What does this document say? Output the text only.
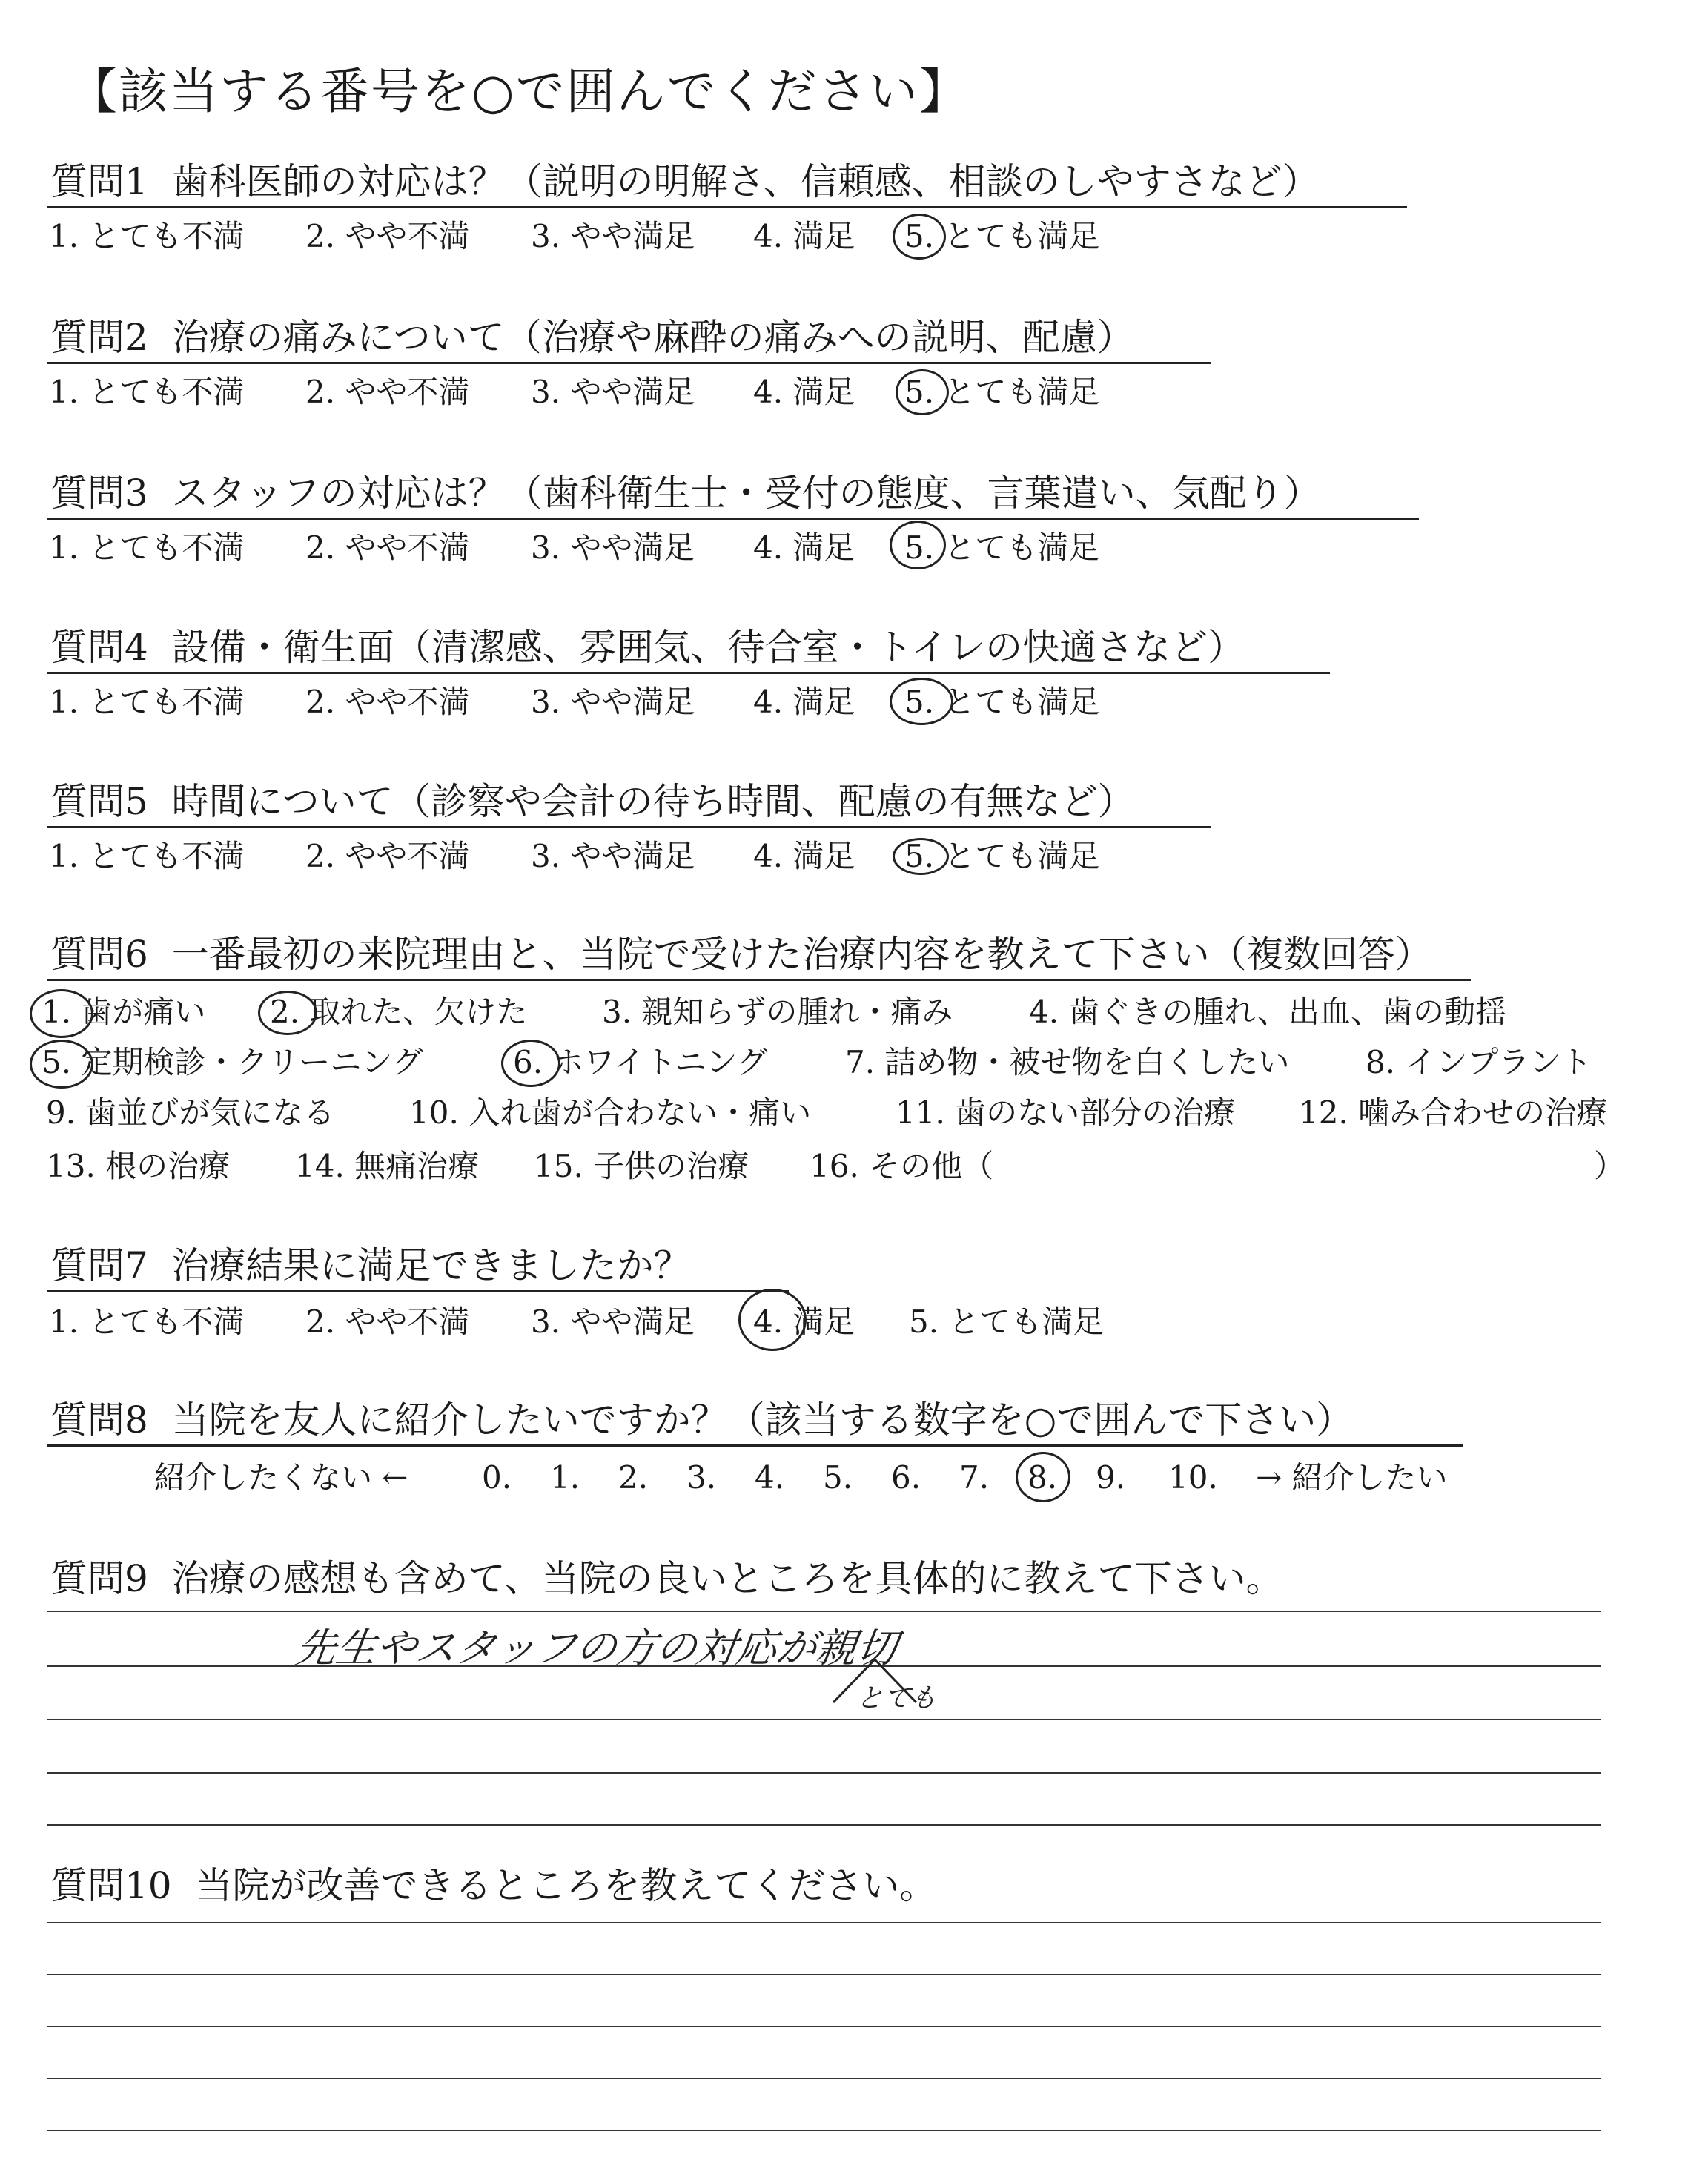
【該当する番号を○で囲んでください】
質問1 歯科医師の対応は？（説明の明解さ、信頼感、相談のしやすさなど）
1. とても不満 2. やや不満 3. やや満足 4. 満足 5. とても満足
質問2 治療の痛みについて（治療や麻酔の痛みへの説明、配慮）
1. とても不満 2. やや不満 3. やや満足 4. 満足 5. とても満足
質問3 スタッフの対応は？（歯科衛生士・受付の態度、言葉遣い、気配り）
1. とても不満 2. やや不満 3. やや満足 4. 満足 5. とても満足
質問4 設備・衛生面（清潔感、雰囲気、待合室・トイレの快適さなど）
1. とても不満 2. やや不満 3. やや満足 4. 満足 5. とても満足
質問5 時間について（診察や会計の待ち時間、配慮の有無など）
1. とても不満 2. やや不満 3. やや満足 4. 満足 5. とても満足
質問6 一番最初の来院理由と、当院で受けた治療内容を教えて下さい（複数回答）
1. 歯が痛い 2. 取れた、欠けた 3. 親知らずの腫れ・痛み 4. 歯ぐきの腫れ、出血、歯の動揺
5. 定期検診・クリーニング	6. ホワイトニング 7. 詰め物・被せ物を白くしたい 8. インプラント
9. 歯並びが気になる 10. 入れ歯が合わない・痛い	11. 歯のない部分の治療 12. 噛み合わせの治療
13. 根の治療 14. 無痛治療 15. 子供の治療 16. その他（	）
質問7 治療結果に満足できましたか？
1. とても不満 2. やや不満 3. やや満足 4. 満足 5. とても満足
質問8 当院を友人に紹介したいですか？（該当する数字を○で囲んで下さい）
紹介したくない ← 0. 1. 2. 3. 4. 5. 6. 7. 8. 9. 10. → 紹介したい
質問9 治療の感想も含めて、当院の良いところを具体的に教えて下さい。
先生やスタッフの方の対応が親切
とても
質問10 当院が改善できるところを教えてください。
